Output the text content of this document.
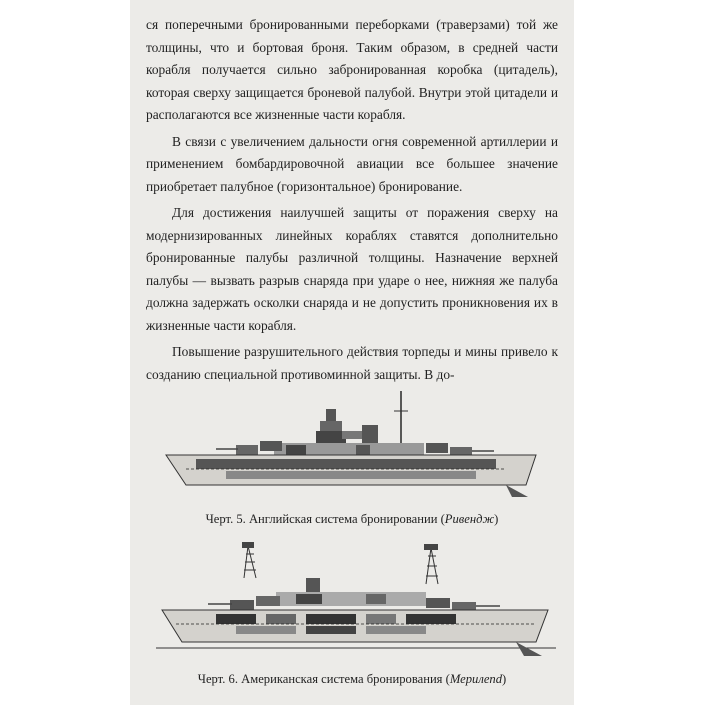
ся поперечными бронированными переборками (траверзами) той же толщины, что и бортовая броня. Таким образом, в средней части корабля получается сильно забронированная коробка (цитадель), которая сверху защищается броневой палубой. Внутри этой цитадели и располагаются все жизненные части корабля.

В связи с увеличением дальности огня современной артиллерии и применением бомбардировочной авиации все большее значение приобретает палубное (горизонтальное) бронирование.

Для достижения наилучшей защиты от поражения сверху на модернизированных линейных кораблях ставятся дополнительно бронированные палубы различной толщины. Назначение верхней палубы — вызвать разрыв снаряда при ударе о нее, нижняя же палуба должна задержать осколки снаряда и не допустить проникновения их в жизненные части корабля.

Повышение разрушительного действия торпеды и мины привело к созданию специальной противоминной защиты. В до-

Черт. 5. Английская система бронировании (Ривендж)
Черт. 6. Американская система бронирования (Мерилend)
